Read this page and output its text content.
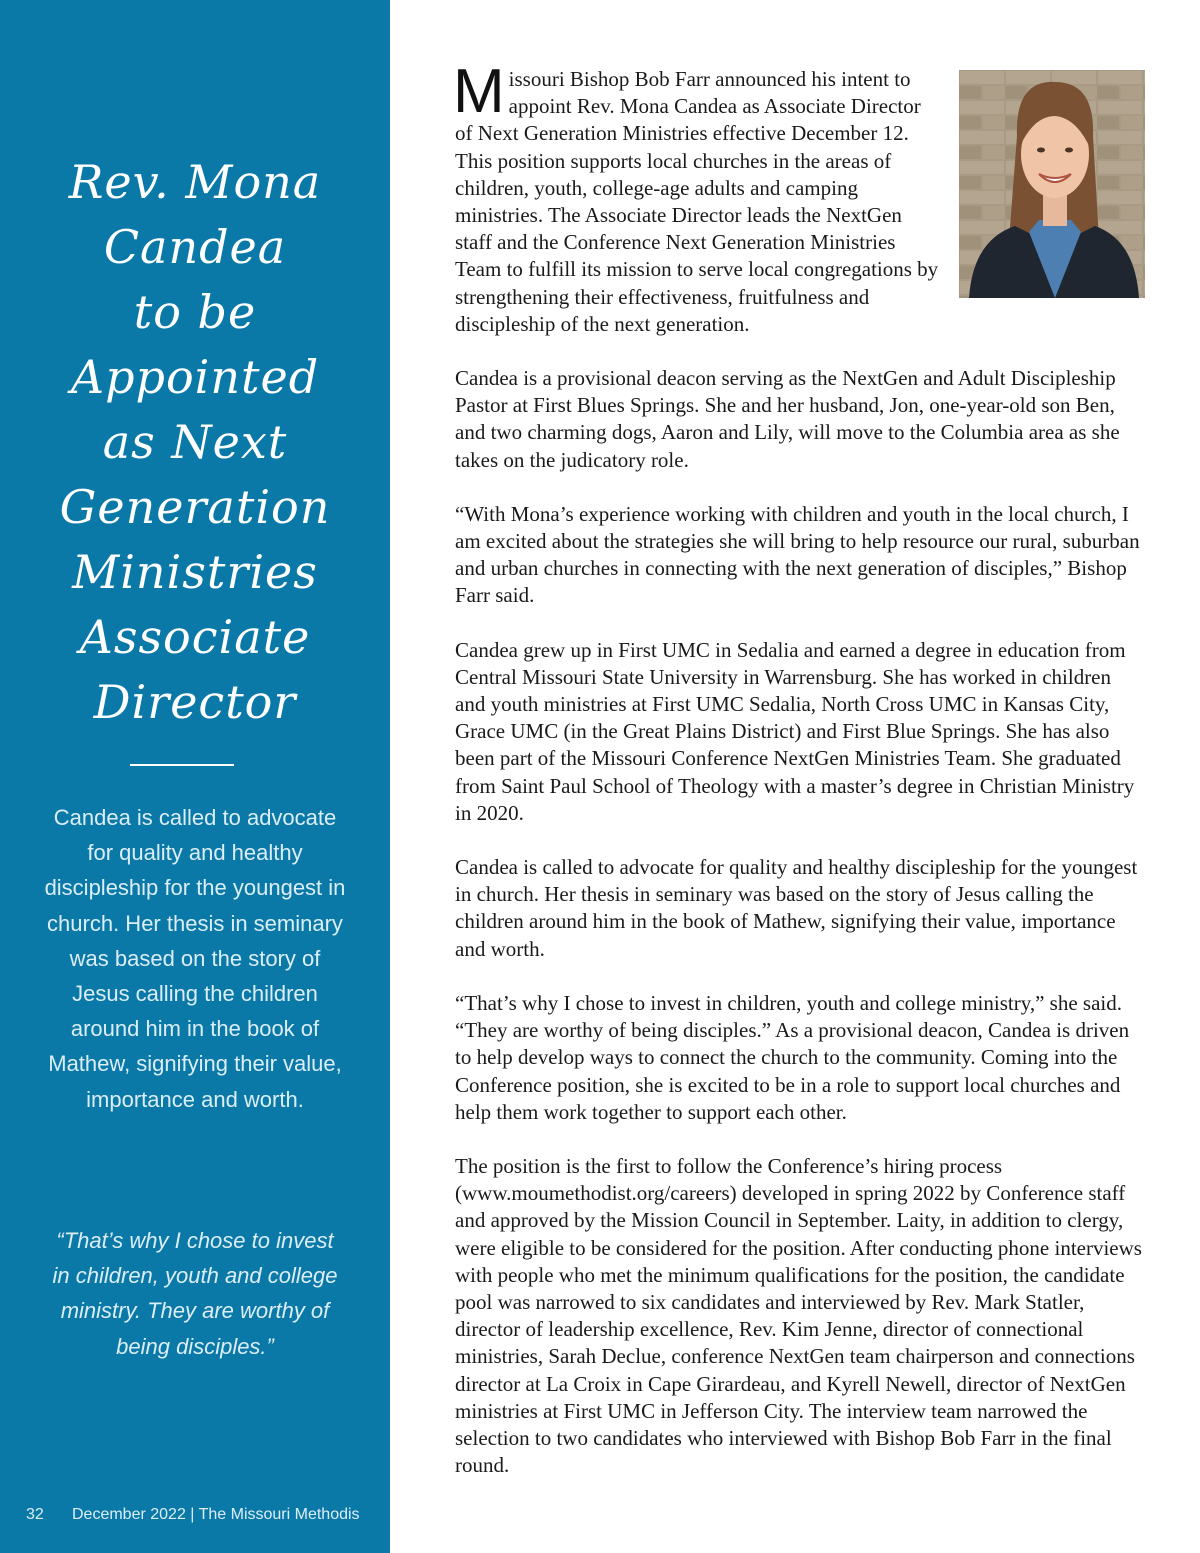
Rev. Mona
Candea
to be
Appointed
as Next
Generation
Ministries
Associate
Director

Candea is called to advocate for quality and healthy discipleship for the youngest in church. Her thesis in seminary was based on the story of Jesus calling the children around him in the book of Mathew, signifying their value, importance and worth.

“That’s why I chose to invest in children, youth and college ministry. They are worthy of being disciples.”

32 December 2022 | The Missouri Methodis

Missouri Bishop Bob Farr announced his intent to appoint Rev. Mona Candea as Associate Director of Next Generation Ministries effective December 12. This position supports local churches in the areas of children, youth, college-age adults and camping ministries. The Associate Director leads the NextGen staff and the Conference Next Generation Ministries Team to fulfill its mission to serve local congregations by strengthening their effectiveness, fruitfulness and discipleship of the next generation.

Candea is a provisional deacon serving as the NextGen and Adult Discipleship Pastor at First Blues Springs. She and her husband, Jon, one-year-old son Ben, and two charming dogs, Aaron and Lily, will move to the Columbia area as she takes on the judicatory role.

“With Mona’s experience working with children and youth in the local church, I am excited about the strategies she will bring to help resource our rural, suburban and urban churches in connecting with the next generation of disciples,” Bishop Farr said.

Candea grew up in First UMC in Sedalia and earned a degree in education from Central Missouri State University in Warrensburg. She has worked in children and youth ministries at First UMC Sedalia, North Cross UMC in Kansas City, Grace UMC (in the Great Plains District) and First Blue Springs. She has also been part of the Missouri Conference NextGen Ministries Team. She graduated from Saint Paul School of Theology with a master’s degree in Christian Ministry in 2020.

Candea is called to advocate for quality and healthy discipleship for the youngest in church. Her thesis in seminary was based on the story of Jesus calling the children around him in the book of Mathew, signifying their value, importance and worth.

“That’s why I chose to invest in children, youth and college ministry,” she said. “They are worthy of being disciples.” As a provisional deacon, Candea is driven to help develop ways to connect the church to the community. Coming into the Conference position, she is excited to be in a role to support local churches and help them work together to support each other.

The position is the first to follow the Conference’s hiring process (www.moumethodist.org/careers) developed in spring 2022 by Conference staff and approved by the Mission Council in September. Laity, in addition to clergy, were eligible to be considered for the position. After conducting phone interviews with people who met the minimum qualifications for the position, the candidate pool was narrowed to six candidates and interviewed by Rev. Mark Statler, director of leadership excellence, Rev. Kim Jenne, director of connectional ministries, Sarah Declue, conference NextGen team chairperson and connections director at La Croix in Cape Girardeau, and Kyrell Newell, director of NextGen ministries at First UMC in Jefferson City. The interview team narrowed the selection to two candidates who interviewed with Bishop Bob Farr in the final round.
